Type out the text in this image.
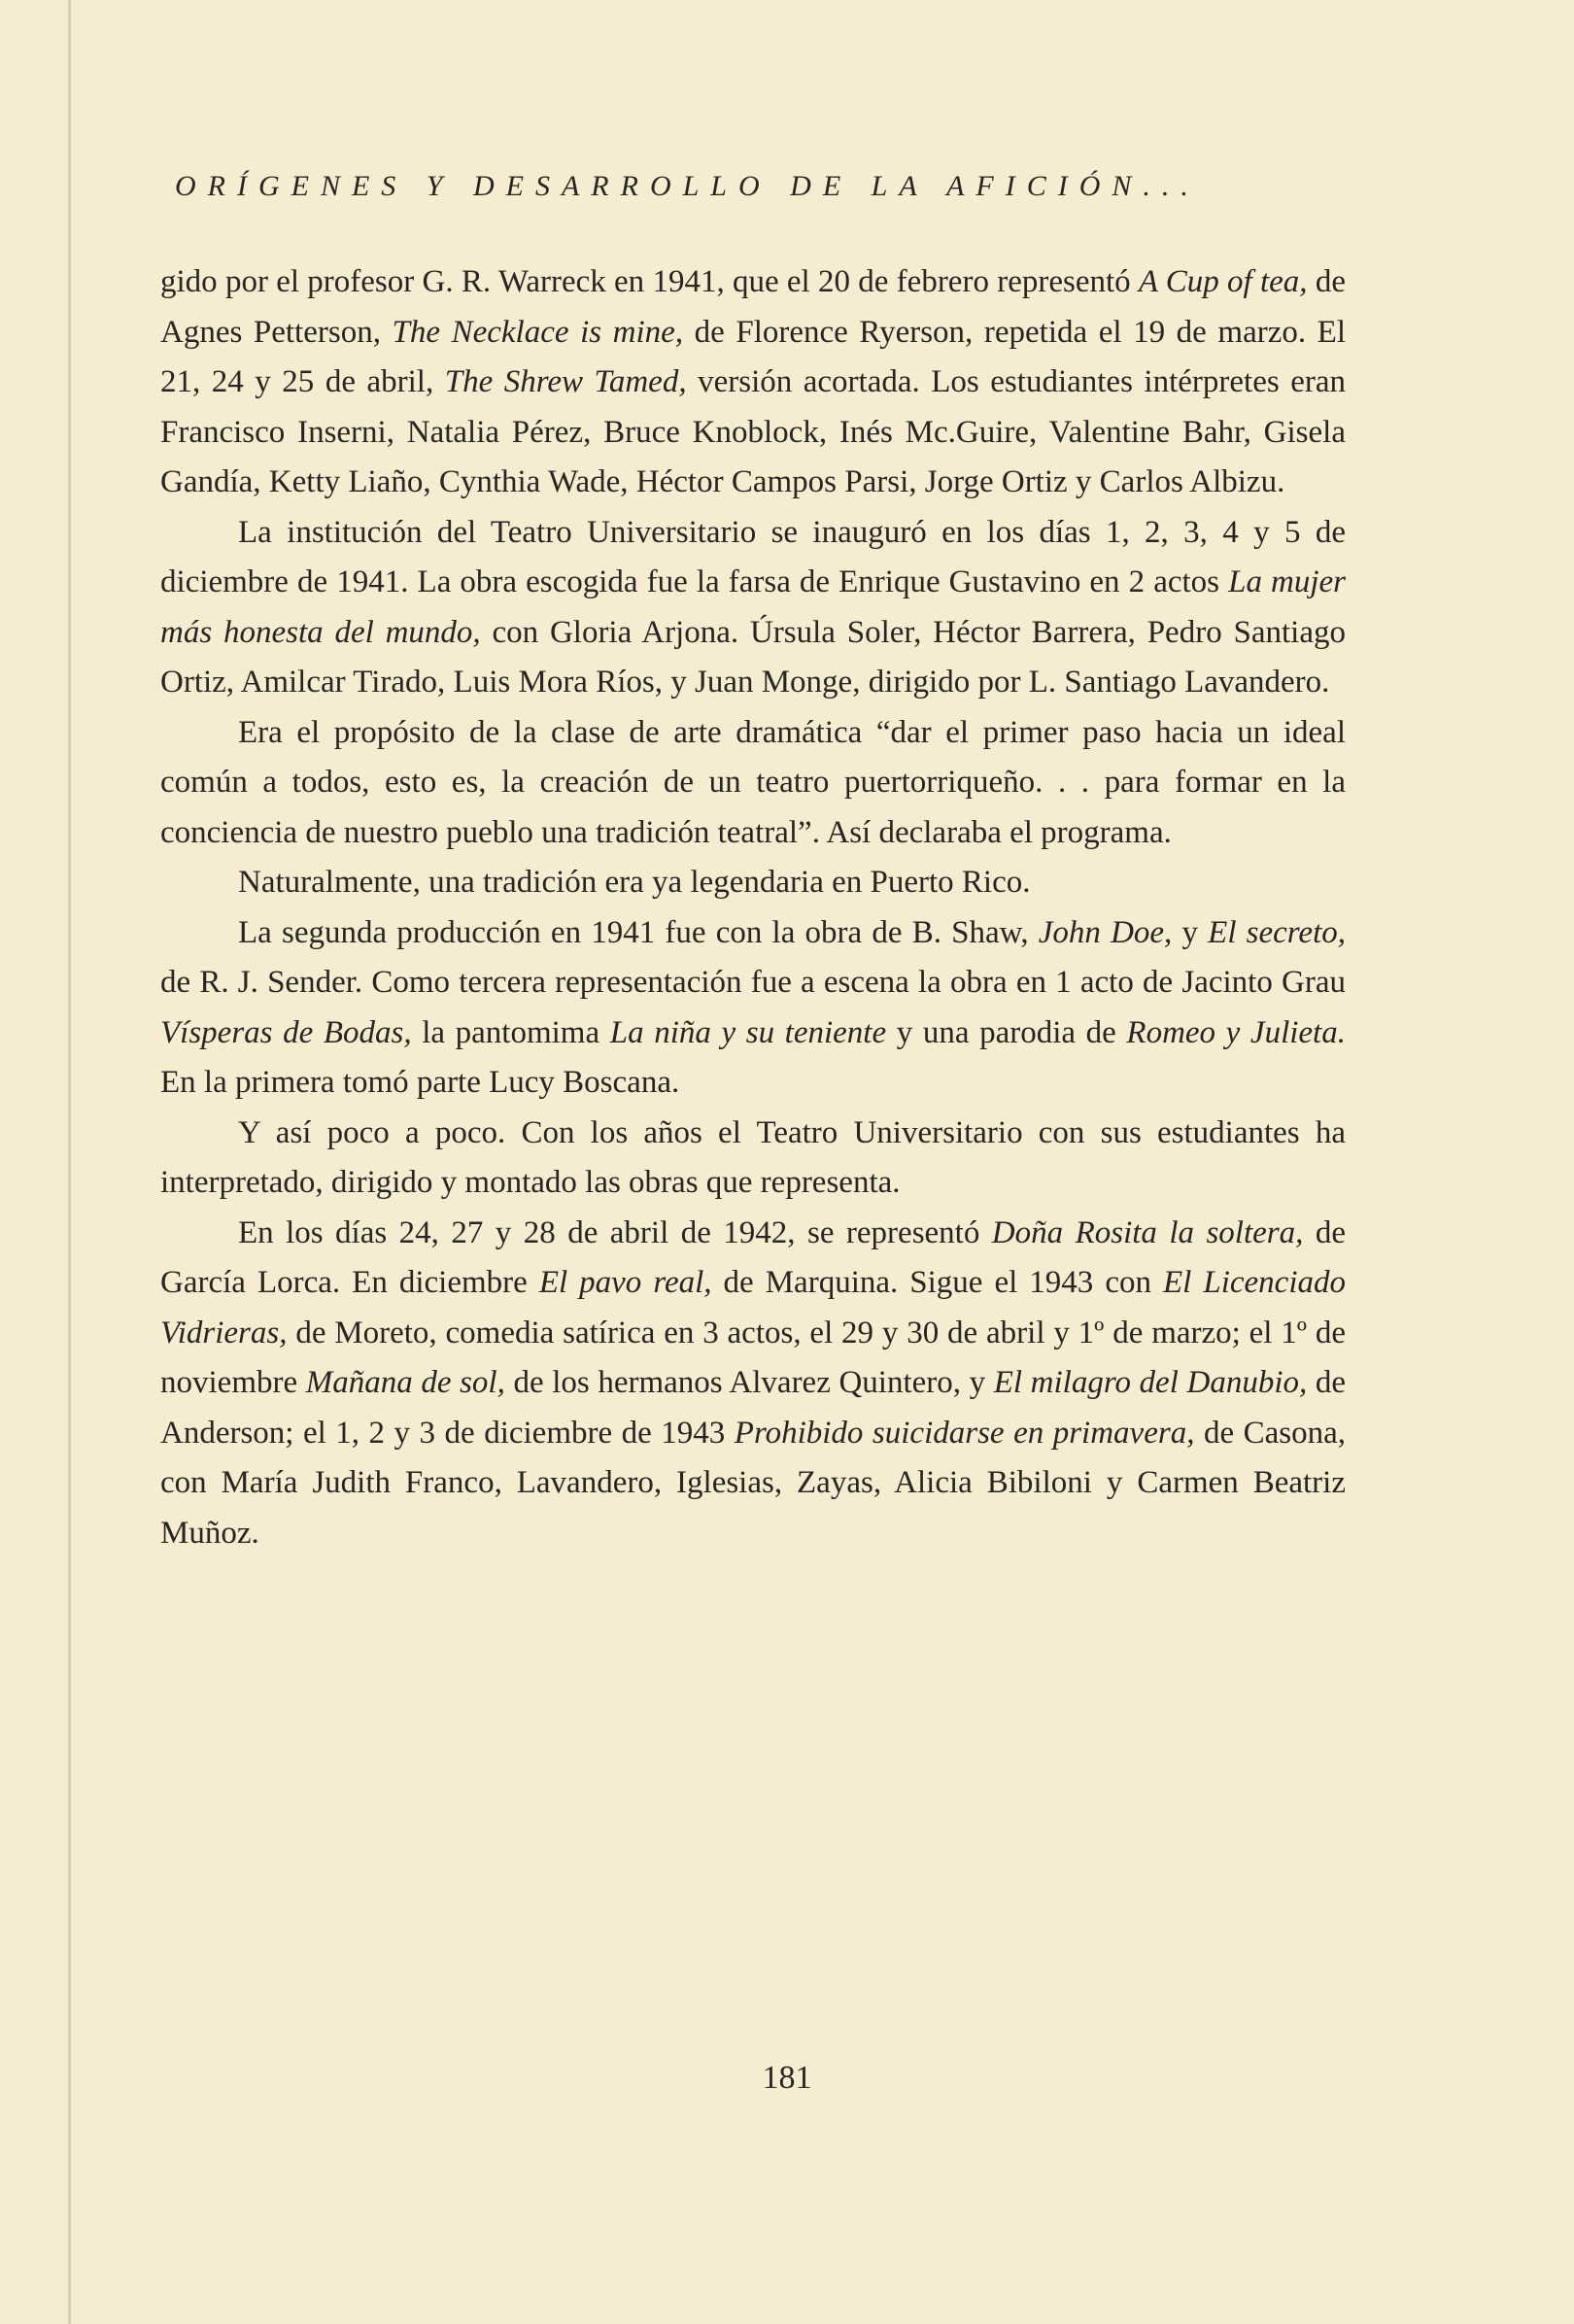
ORÍGENES Y DESARROLLO DE LA AFICIÓN...

gido por el profesor G. R. Warreck en 1941, que el 20 de febrero representó A Cup of tea, de Agnes Petterson, The Necklace is mine, de Florence Ryerson, repetida el 19 de marzo. El 21, 24 y 25 de abril, The Shrew Tamed, versión acortada. Los estudiantes intérpretes eran Francisco Inserni, Natalia Pérez, Bruce Knoblock, Inés Mc.Guire, Valentine Bahr, Gisela Gandía, Ketty Liaño, Cynthia Wade, Héctor Campos Parsi, Jorge Ortiz y Carlos Albizu.

La institución del Teatro Universitario se inauguró en los días 1, 2, 3, 4 y 5 de diciembre de 1941. La obra escogida fue la farsa de Enrique Gustavino en 2 actos La mujer más honesta del mundo, con Gloria Arjona. Úrsula Soler, Héctor Barrera, Pedro Santiago Ortiz, Amilcar Tirado, Luis Mora Ríos, y Juan Monge, dirigido por L. Santiago Lavandero.

Era el propósito de la clase de arte dramática “dar el primer paso hacia un ideal común a todos, esto es, la creación de un teatro puertorriqueño. . . para formar en la conciencia de nuestro pueblo una tradición teatral”. Así declaraba el programa.

Naturalmente, una tradición era ya legendaria en Puerto Rico.

La segunda producción en 1941 fue con la obra de B. Shaw, John Doe, y El secreto, de R. J. Sender. Como tercera representación fue a escena la obra en 1 acto de Jacinto Grau Vísperas de Bodas, la pantomima La niña y su teniente y una parodia de Romeo y Julieta. En la primera tomó parte Lucy Boscana.

Y así poco a poco. Con los años el Teatro Universitario con sus estudiantes ha interpretado, dirigido y montado las obras que representa.

En los días 24, 27 y 28 de abril de 1942, se representó Doña Rosita la soltera, de García Lorca. En diciembre El pavo real, de Marquina. Sigue el 1943 con El Licenciado Vidrieras, de Moreto, comedia satírica en 3 actos, el 29 y 30 de abril y 1º de marzo; el 1º de noviembre Mañana de sol, de los hermanos Alvarez Quintero, y El milagro del Danubio, de Anderson; el 1, 2 y 3 de diciembre de 1943 Prohibido suicidarse en primavera, de Casona, con María Judith Franco, Lavandero, Iglesias, Zayas, Alicia Bibiloni y Carmen Beatriz Muñoz.

181
